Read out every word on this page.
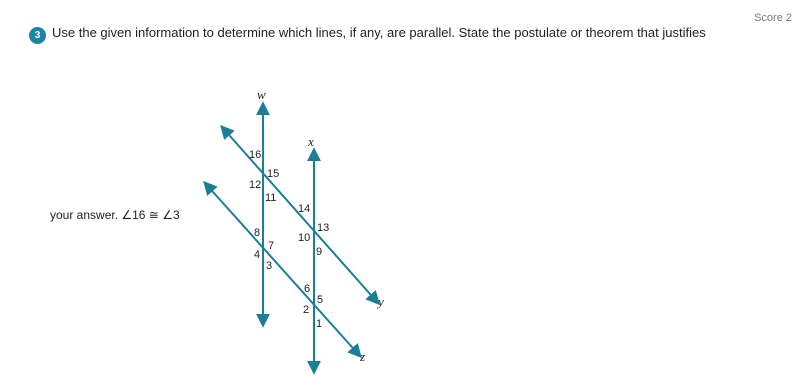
Score 2
3 Use the given information to determine which lines, if any, are parallel. State the postulate or theorem that justifies
your answer. ∠16 ≅ ∠3
w
x
y
z
16
15
12
11
14
13
10
9
8
7
4
3
6
5
2
1
